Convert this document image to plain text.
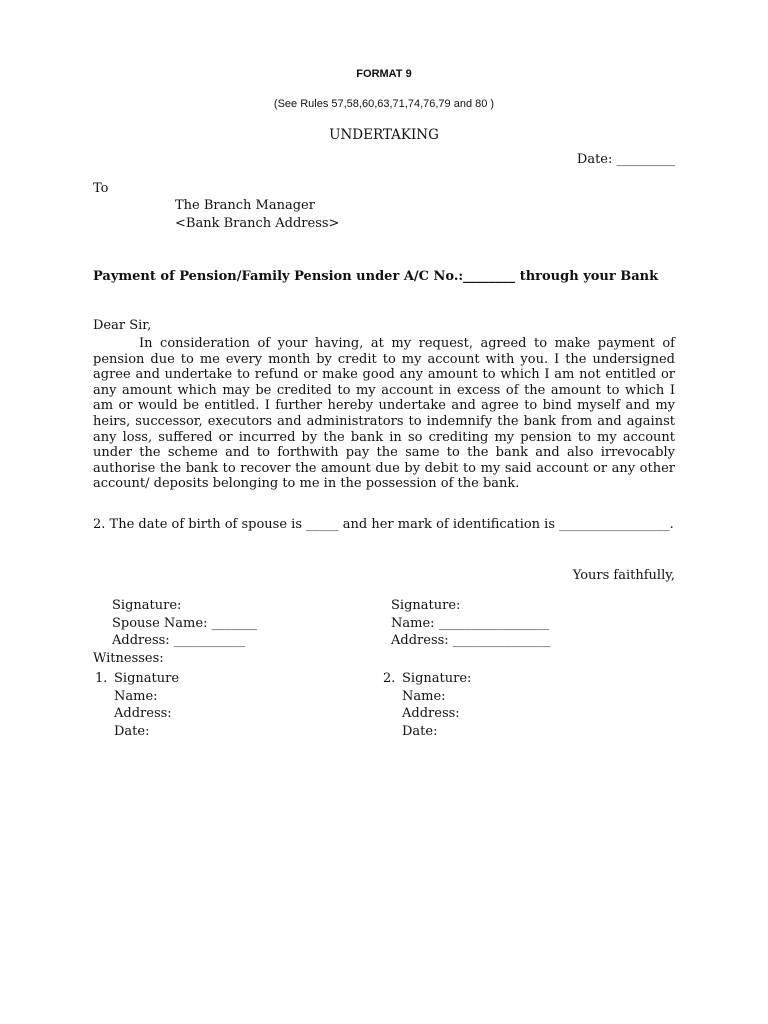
FORMAT 9
(See Rules 57,58,60,63,71,74,76,79 and 80 )
UNDERTAKING
Date: _________
To
The Branch Manager
<Bank Branch Address>
Payment of Pension/Family Pension under A/C No.:________ through your Bank
Dear Sir,
In consideration of your having, at my request, agreed to make payment of pension due to me every month by credit to my account with you. I the undersigned agree and undertake to refund or make good any amount to which I am not entitled or any amount which may be credited to my account in excess of the amount to which I am or would be entitled. I further hereby undertake and agree to bind myself and my heirs, successor, executors and administrators to indemnify the bank from and against any loss, suffered or incurred by the bank in so crediting my pension to my account under the scheme and to forthwith pay the same to the bank and also irrevocably authorise the bank to recover the amount due by debit to my said account or any other account/ deposits belonging to me in the possession of the bank.
2. The date of birth of spouse is _____ and her mark of identification is _________________.
Yours faithfully,
Signature:
Spouse Name: _______
Address: ___________
Signature:
Name: _________________
Address: _______________
Witnesses:
1. Signature
Name:
Address:
Date:
2. Signature:
Name:
Address:
Date:
